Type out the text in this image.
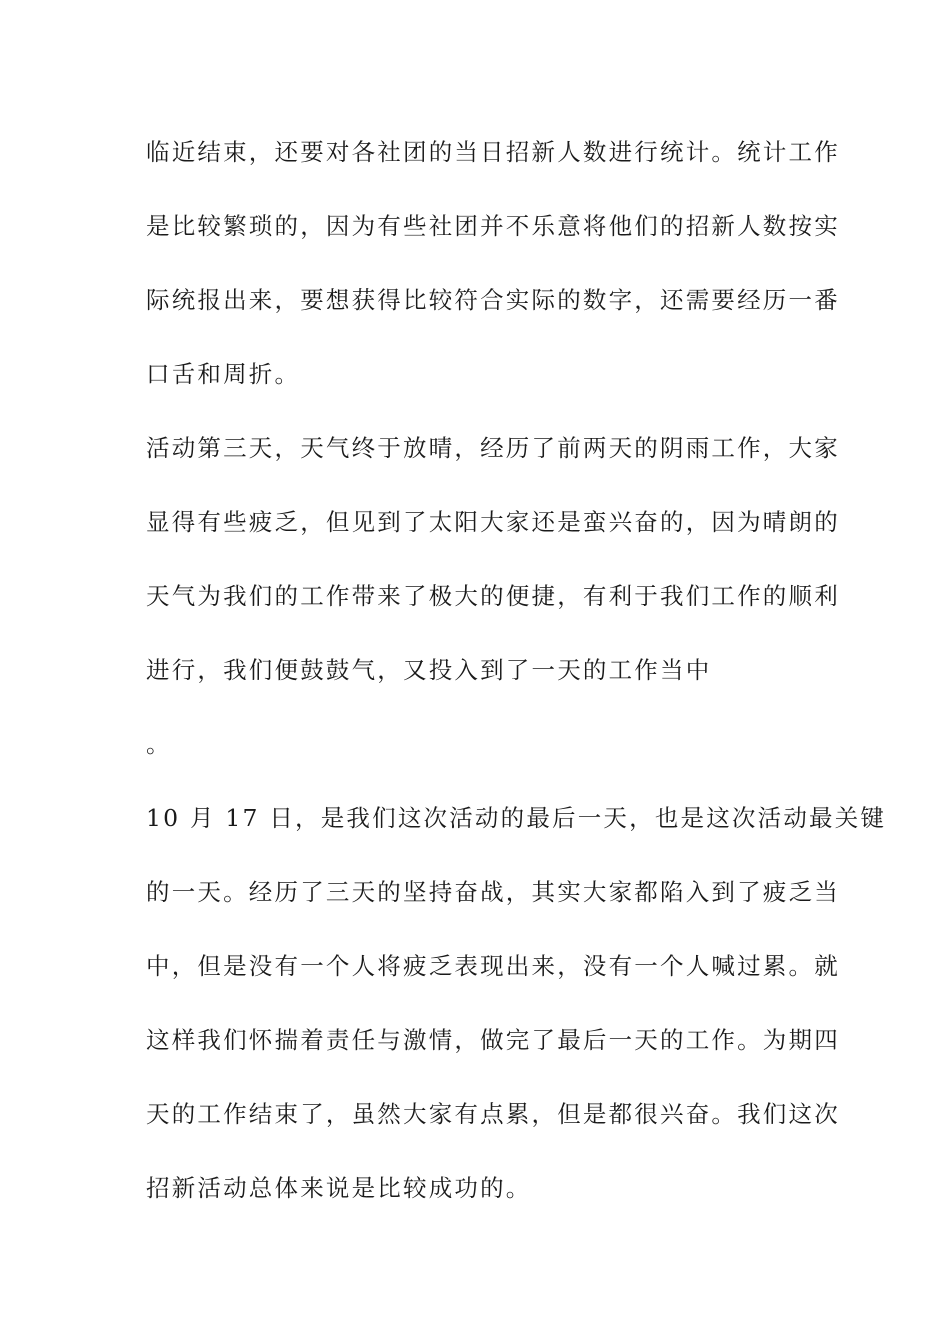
临近结束，还要对各社团的当日招新人数进行统计。统计工作
是比较繁琐的，因为有些社团并不乐意将他们的招新人数按实
际统报出来，要想获得比较符合实际的数字，还需要经历一番
口舌和周折。
活动第三天，天气终于放晴，经历了前两天的阴雨工作，大家
显得有些疲乏，但见到了太阳大家还是蛮兴奋的，因为晴朗的
天气为我们的工作带来了极大的便捷，有利于我们工作的顺利
进行，我们便鼓鼓气，又投入到了一天的工作当中
。
10 月 17 日，是我们这次活动的最后一天，也是这次活动最关键
的一天。经历了三天的坚持奋战，其实大家都陷入到了疲乏当
中，但是没有一个人将疲乏表现出来，没有一个人喊过累。就
这样我们怀揣着责任与激情，做完了最后一天的工作。为期四
天的工作结束了，虽然大家有点累，但是都很兴奋。我们这次
招新活动总体来说是比较成功的。
